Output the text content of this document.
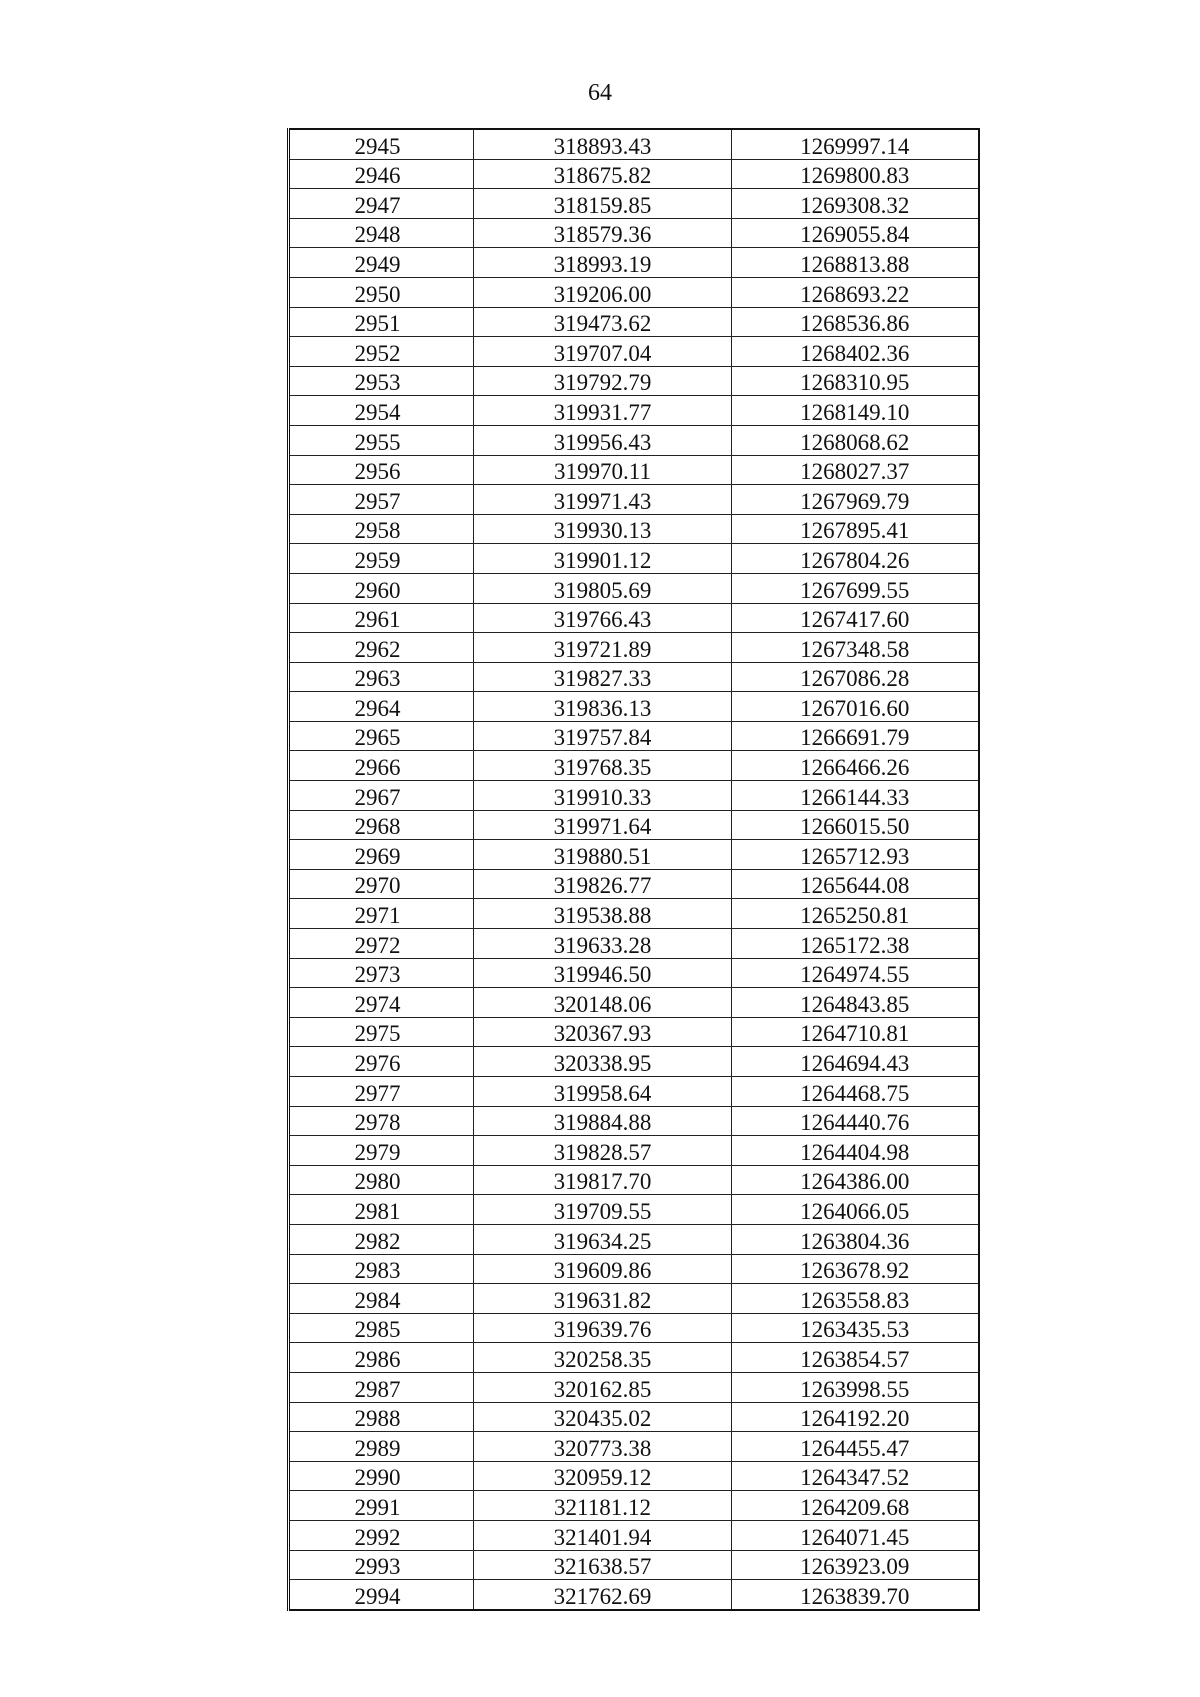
64
2945	318893.43	1269997.14
2946	318675.82	1269800.83
2947	318159.85	1269308.32
2948	318579.36	1269055.84
2949	318993.19	1268813.88
2950	319206.00	1268693.22
2951	319473.62	1268536.86
2952	319707.04	1268402.36
2953	319792.79	1268310.95
2954	319931.77	1268149.10
2955	319956.43	1268068.62
2956	319970.11	1268027.37
2957	319971.43	1267969.79
2958	319930.13	1267895.41
2959	319901.12	1267804.26
2960	319805.69	1267699.55
2961	319766.43	1267417.60
2962	319721.89	1267348.58
2963	319827.33	1267086.28
2964	319836.13	1267016.60
2965	319757.84	1266691.79
2966	319768.35	1266466.26
2967	319910.33	1266144.33
2968	319971.64	1266015.50
2969	319880.51	1265712.93
2970	319826.77	1265644.08
2971	319538.88	1265250.81
2972	319633.28	1265172.38
2973	319946.50	1264974.55
2974	320148.06	1264843.85
2975	320367.93	1264710.81
2976	320338.95	1264694.43
2977	319958.64	1264468.75
2978	319884.88	1264440.76
2979	319828.57	1264404.98
2980	319817.70	1264386.00
2981	319709.55	1264066.05
2982	319634.25	1263804.36
2983	319609.86	1263678.92
2984	319631.82	1263558.83
2985	319639.76	1263435.53
2986	320258.35	1263854.57
2987	320162.85	1263998.55
2988	320435.02	1264192.20
2989	320773.38	1264455.47
2990	320959.12	1264347.52
2991	321181.12	1264209.68
2992	321401.94	1264071.45
2993	321638.57	1263923.09
2994	321762.69	1263839.70
